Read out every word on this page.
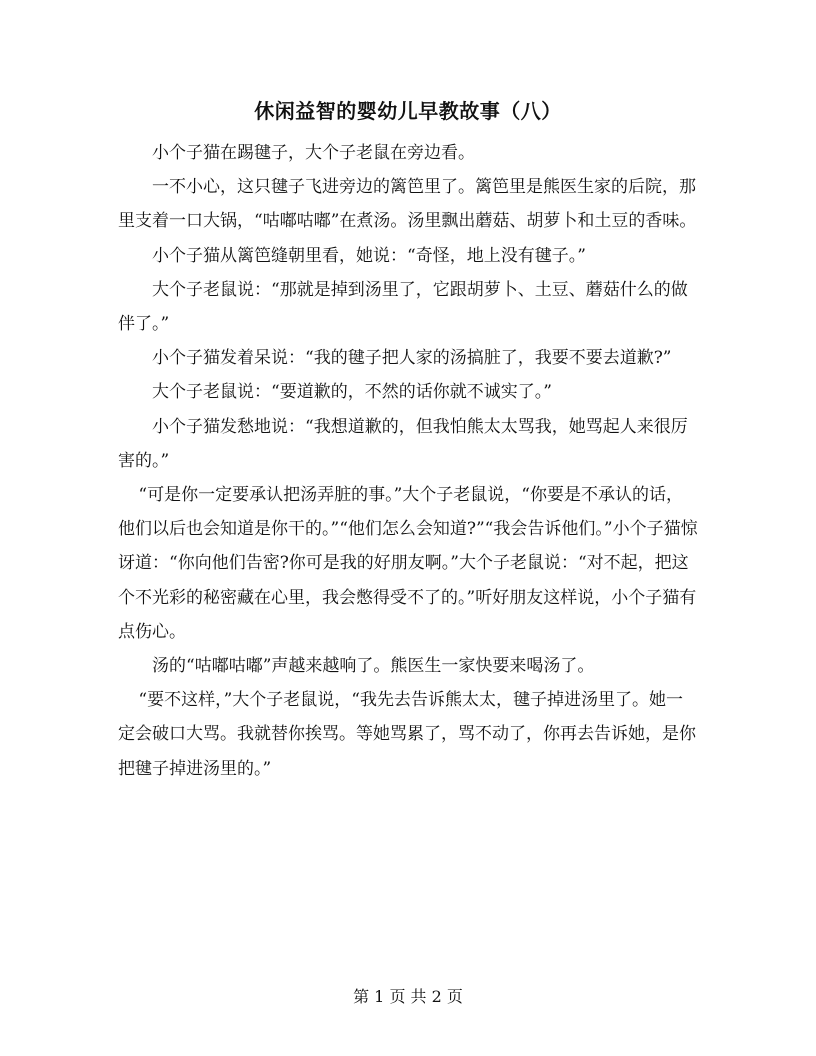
休闲益智的婴幼儿早教故事（八）

小个子猫在踢毽子，大个子老鼠在旁边看。

一不小心，这只毽子飞进旁边的篱笆里了。篱笆里是熊医生家的后院，那里支着一口大锅，“咕嘟咕嘟”在煮汤。汤里飘出蘑菇、胡萝卜和土豆的香味。

小个子猫从篱笆缝朝里看，她说：“奇怪，地上没有毽子。”

大个子老鼠说：“那就是掉到汤里了，它跟胡萝卜、土豆、蘑菇什么的做伴了。”

小个子猫发着呆说：“我的毽子把人家的汤搞脏了，我要不要去道歉?”

大个子老鼠说：“要道歉的，不然的话你就不诚实了。”

小个子猫发愁地说：“我想道歉的，但我怕熊太太骂我，她骂起人来很厉害的。”

“可是你一定要承认把汤弄脏的事。”大个子老鼠说，“你要是不承认的话，他们以后也会知道是你干的。”“他们怎么会知道?”“我会告诉他们。”小个子猫惊讶道：“你向他们告密?你可是我的好朋友啊。”大个子老鼠说：“对不起，把这个不光彩的秘密藏在心里，我会憋得受不了的。”听好朋友这样说，小个子猫有点伤心。

汤的“咕嘟咕嘟”声越来越响了。熊医生一家快要来喝汤了。

“要不这样，”大个子老鼠说，“我先去告诉熊太太，毽子掉进汤里了。她一定会破口大骂。我就替你挨骂。等她骂累了，骂不动了，你再去告诉她，是你把毽子掉进汤里的。”

第 1 页 共 2 页
